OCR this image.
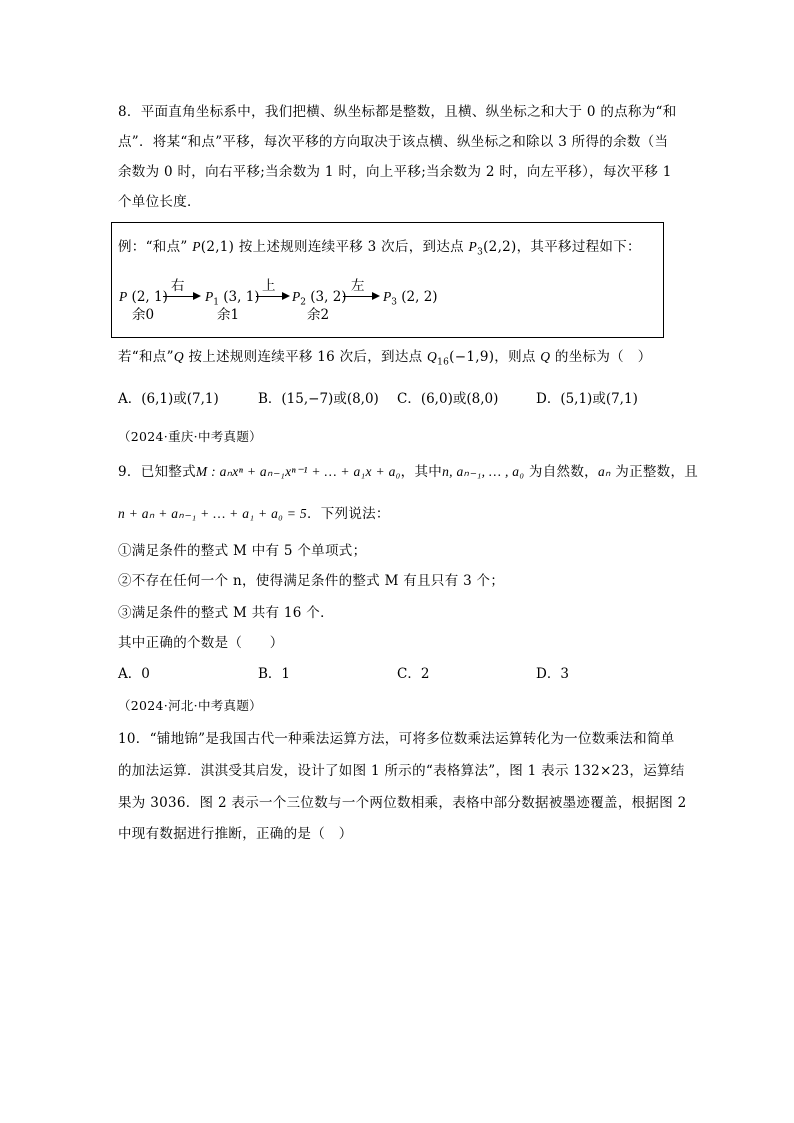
8．平面直角坐标系中，我们把横、纵坐标都是整数，且横、纵坐标之和大于 0 的点称为“和
点”．将某“和点”平移，每次平移的方向取决于该点横、纵坐标之和除以 3 所得的余数（当
余数为 0 时，向右平移;当余数为 1 时，向上平移;当余数为 2 时，向左平移），每次平移 1
个单位长度．
例：“和点” P(2,1) 按上述规则连续平移 3 次后，到达点 $P_3(2,2)$，其平移过程如下：
P (2, 1)
右
余0
$P_1$ (3, 1)
上
余1
$P_2$ (3, 2)
左
余2
$P_3$ (2, 2)
若“和点”Q 按上述规则连续平移 16 次后，到达点 $Q_{16}(-1,9)$，则点 Q 的坐标为（　）
A．(6,1)或(7,1)	B．(15,−7)或(8,0) C．(6,0)或(8,0)	D．(5,1)或(7,1)
（2024·重庆·中考真题）
9．已知整式M : aₙxⁿ + aₙ₋₁xⁿ⁻¹ + … + a₁x + a₀，其中n, aₙ₋₁, … , a₀ 为自然数，aₙ 为正整数，且
n + aₙ + aₙ₋₁ + … + a₁ + a₀ = 5．下列说法：
①满足条件的整式 M 中有 5 个单项式；
②不存在任何一个 n，使得满足条件的整式 M 有且只有 3 个；
③满足条件的整式 M 共有 16 个．
其中正确的个数是（　　）
A．0	B．1	C．2	D．3
（2024·河北·中考真题）
10．“铺地锦”是我国古代一种乘法运算方法，可将多位数乘法运算转化为一位数乘法和简单
的加法运算．淇淇受其启发，设计了如图 1 所示的“表格算法”，图 1 表示 132×23，运算结
果为 3036．图 2 表示一个三位数与一个两位数相乘，表格中部分数据被墨迹覆盖，根据图 2
中现有数据进行推断，正确的是（　）
